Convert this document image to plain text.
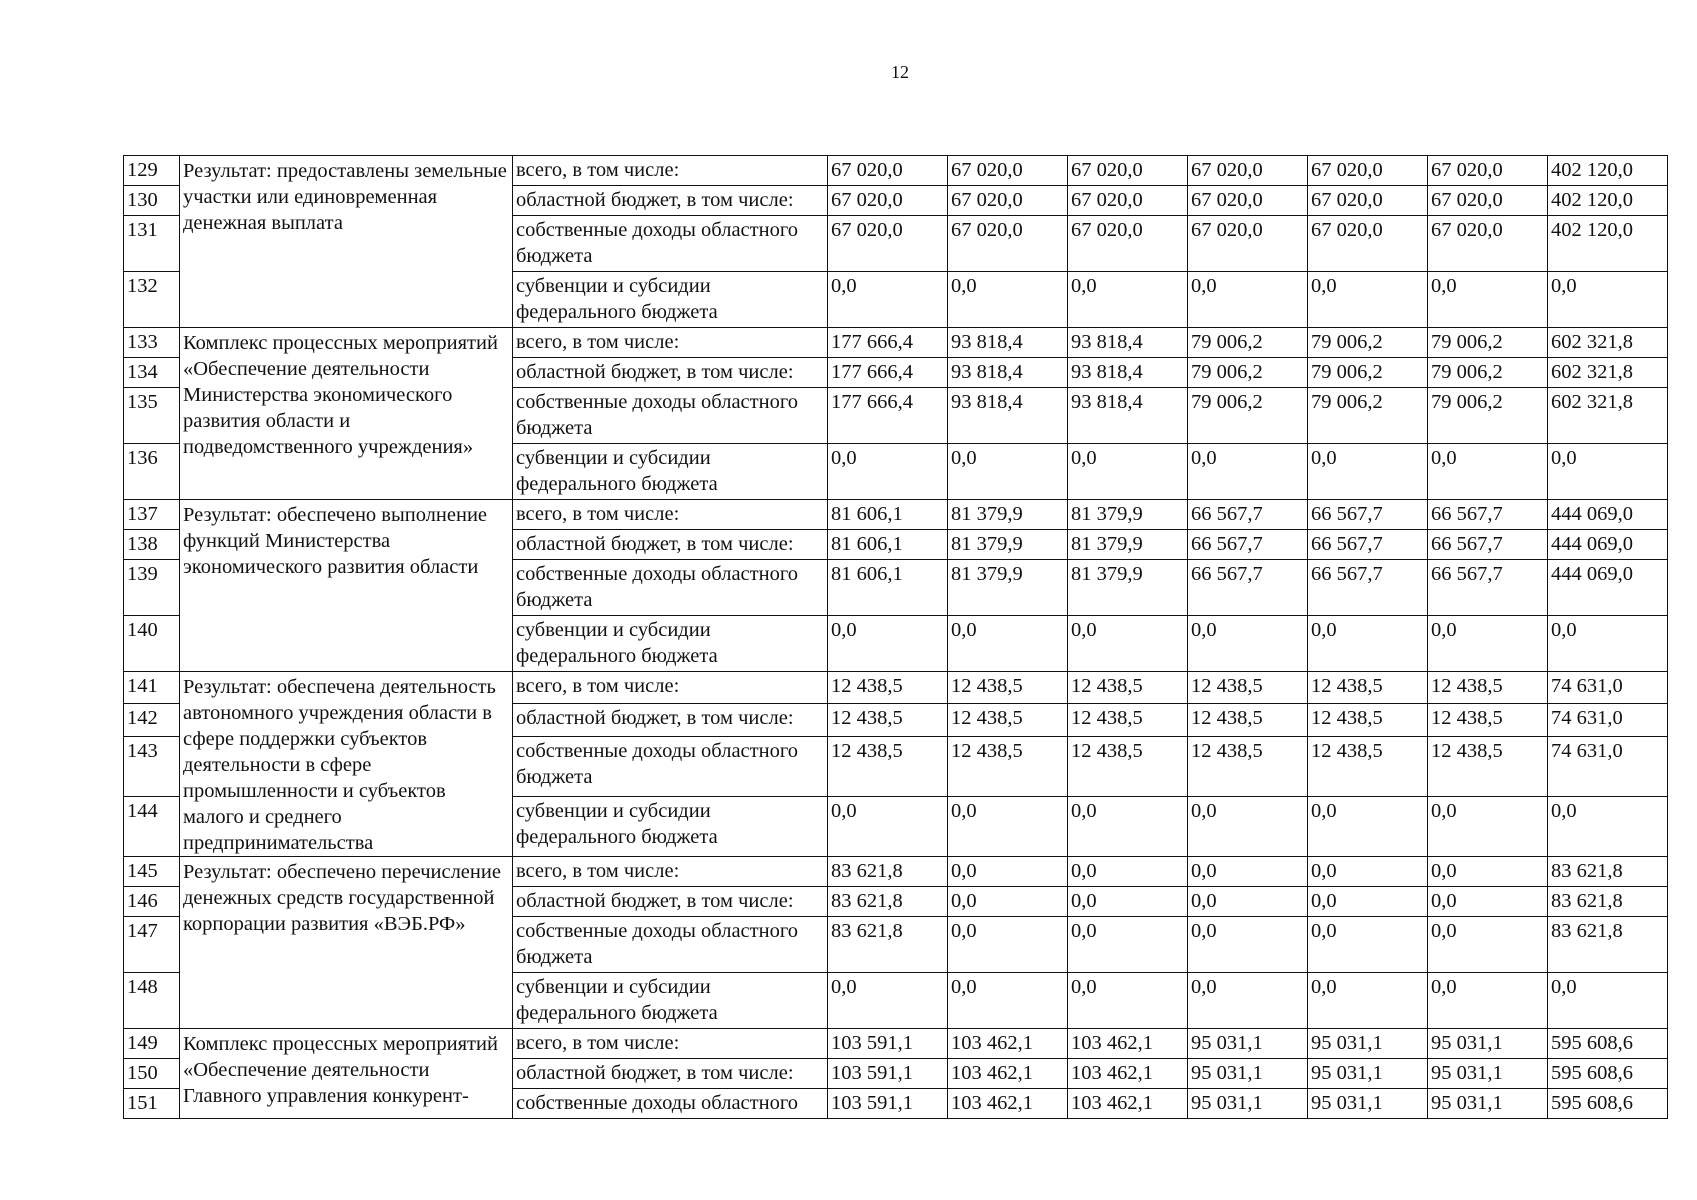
12
129	Результат: предоставлены земельные участки или единовременная денежная выплата	всего, в том числе:	67 020,0	67 020,0	67 020,0	67 020,0	67 020,0	67 020,0	402 120,0
130		областной бюджет, в том числе:	67 020,0	67 020,0	67 020,0	67 020,0	67 020,0	67 020,0	402 120,0
131		собственные доходы областного бюджета	67 020,0	67 020,0	67 020,0	67 020,0	67 020,0	67 020,0	402 120,0
132		субвенции и субсидии федерального бюджета	0,0	0,0	0,0	0,0	0,0	0,0	0,0
133	Комплекс процессных мероприятий «Обеспечение деятельности Министерства экономического развития области и подведомственного учреждения»	всего, в том числе:	177 666,4	93 818,4	93 818,4	79 006,2	79 006,2	79 006,2	602 321,8
134		областной бюджет, в том числе:	177 666,4	93 818,4	93 818,4	79 006,2	79 006,2	79 006,2	602 321,8
135		собственные доходы областного бюджета	177 666,4	93 818,4	93 818,4	79 006,2	79 006,2	79 006,2	602 321,8
136		субвенции и субсидии федерального бюджета	0,0	0,0	0,0	0,0	0,0	0,0	0,0
137	Результат: обеспечено выполнение функций Министерства экономического развития области	всего, в том числе:	81 606,1	81 379,9	81 379,9	66 567,7	66 567,7	66 567,7	444 069,0
138		областной бюджет, в том числе:	81 606,1	81 379,9	81 379,9	66 567,7	66 567,7	66 567,7	444 069,0
139		собственные доходы областного бюджета	81 606,1	81 379,9	81 379,9	66 567,7	66 567,7	66 567,7	444 069,0
140		субвенции и субсидии федерального бюджета	0,0	0,0	0,0	0,0	0,0	0,0	0,0
141	Результат: обеспечена деятельность автономного учреждения области в сфере поддержки субъектов деятельности в сфере промышленности и субъектов малого и среднего предпринимательства	всего, в том числе:	12 438,5	12 438,5	12 438,5	12 438,5	12 438,5	12 438,5	74 631,0
142		областной бюджет, в том числе:	12 438,5	12 438,5	12 438,5	12 438,5	12 438,5	12 438,5	74 631,0
143		собственные доходы областного бюджета	12 438,5	12 438,5	12 438,5	12 438,5	12 438,5	12 438,5	74 631,0
144		субвенции и субсидии федерального бюджета	0,0	0,0	0,0	0,0	0,0	0,0	0,0
145	Результат: обеспечено перечисление денежных средств государственной корпорации развития «ВЭБ.РФ»	всего, в том числе:	83 621,8	0,0	0,0	0,0	0,0	0,0	83 621,8
146		областной бюджет, в том числе:	83 621,8	0,0	0,0	0,0	0,0	0,0	83 621,8
147		собственные доходы областного бюджета	83 621,8	0,0	0,0	0,0	0,0	0,0	83 621,8
148		субвенции и субсидии федерального бюджета	0,0	0,0	0,0	0,0	0,0	0,0	0,0
149	Комплекс процессных мероприятий «Обеспечение деятельности Главного управления конкурент-	всего, в том числе:	103 591,1	103 462,1	103 462,1	95 031,1	95 031,1	95 031,1	595 608,6
150		областной бюджет, в том числе:	103 591,1	103 462,1	103 462,1	95 031,1	95 031,1	95 031,1	595 608,6
151		собственные доходы областного	103 591,1	103 462,1	103 462,1	95 031,1	95 031,1	95 031,1	595 608,6
